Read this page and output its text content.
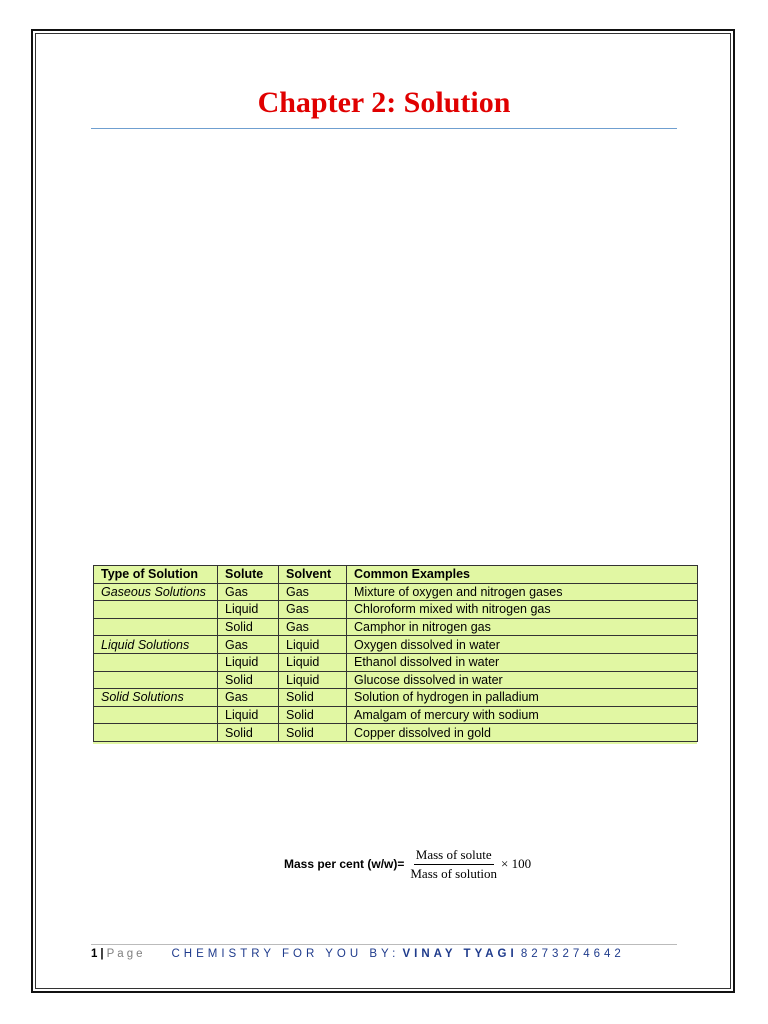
Chapter 2: Solution
Type of Solution	Solute	Solvent	Common Examples
Gaseous Solutions	Gas	Gas	Mixture of oxygen and nitrogen gases
	Liquid	Gas	Chloroform mixed with nitrogen gas
	Solid	Gas	Camphor in nitrogen gas
Liquid Solutions	Gas	Liquid	Oxygen dissolved in water
	Liquid	Liquid	Ethanol dissolved in water
	Solid	Liquid	Glucose dissolved in water
Solid Solutions	Gas	Solid	Solution of hydrogen in palladium
	Liquid	Solid	Amalgam of mercury with sodium
	Solid	Solid	Copper dissolved in gold
Mass per cent $(w/w)= \frac{\text{Mass of solute}}{\text{Mass of solution}} \times 100$
1 | Page CHEMISTRY FOR YOU BY: VINAY TYAGI 8273274642
